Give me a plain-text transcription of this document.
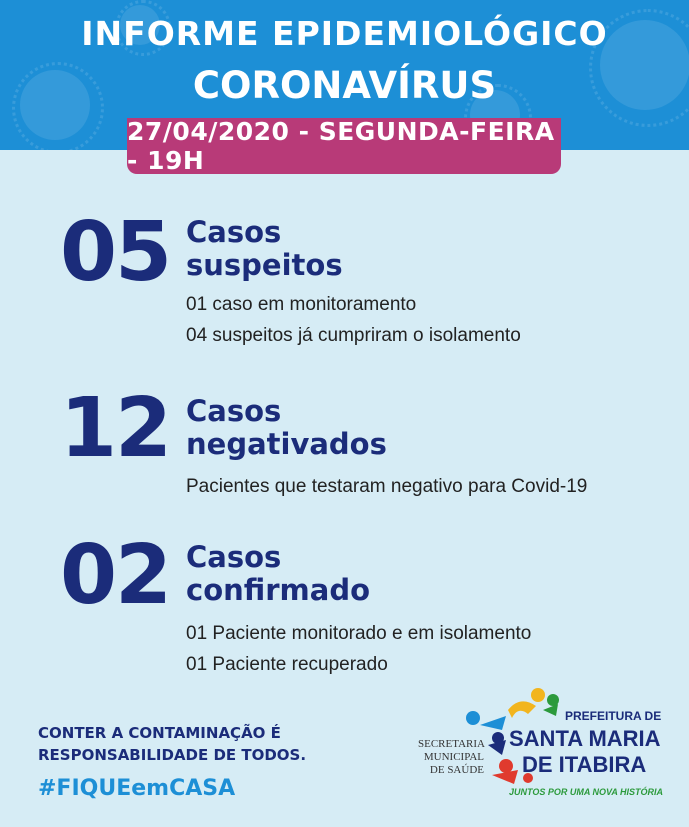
INFORME EPIDEMIOLÓGICO
CORONAVÍRUS
27/04/2020 - SEGUNDA-FEIRA - 19H
05 Casos
suspeitos
01 caso em monitoramento
04 suspeitos já cumpriram o isolamento
12 Casos
negativados
Pacientes que testaram negativo para Covid-19
02 Casos
confirmado
01 Paciente monitorado e em isolamento
01 Paciente recuperado
CONTER A CONTAMINAÇÃO É
RESPONSABILIDADE DE TODOS.
#FIQUEemCASA
SECRETARIA
MUNICIPAL
DE SAÚDE
PREFEITURA DE
SANTA MARIA
DE ITABIRA
JUNTOS POR UMA NOVA HISTÓRIA
